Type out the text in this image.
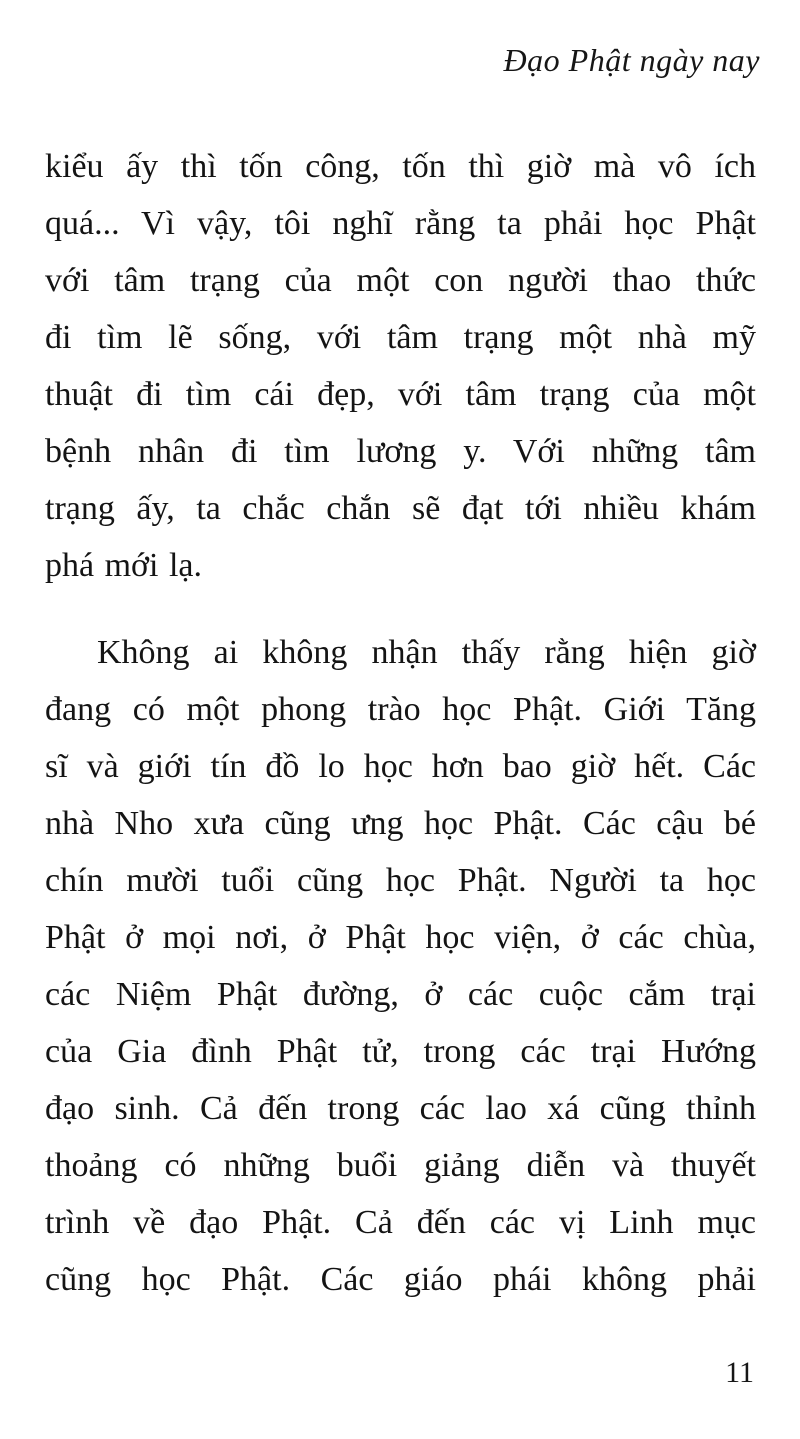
Đạo Phật ngày nay
kiểu ấy thì tốn công, tốn thì giờ mà vô ích
quá... Vì vậy, tôi nghĩ rằng ta phải học Phật
với tâm trạng của một con người thao thức
đi tìm lẽ sống, với tâm trạng một nhà mỹ
thuật đi tìm cái đẹp, với tâm trạng của một
bệnh nhân đi tìm lương y. Với những tâm
trạng ấy, ta chắc chắn sẽ đạt tới nhiều khám
phá mới lạ.
Không ai không nhận thấy rằng hiện giờ
đang có một phong trào học Phật. Giới Tăng
sĩ và giới tín đồ lo học hơn bao giờ hết. Các
nhà Nho xưa cũng ưng học Phật. Các cậu bé
chín mười tuổi cũng học Phật. Người ta học
Phật ở mọi nơi, ở Phật học viện, ở các chùa,
các Niệm Phật đường, ở các cuộc cắm trại
của Gia đình Phật tử, trong các trại Hướng
đạo sinh. Cả đến trong các lao xá cũng thỉnh
thoảng có những buổi giảng diễn và thuyết
trình về đạo Phật. Cả đến các vị Linh mục
cũng học Phật. Các giáo phái không phải
11
